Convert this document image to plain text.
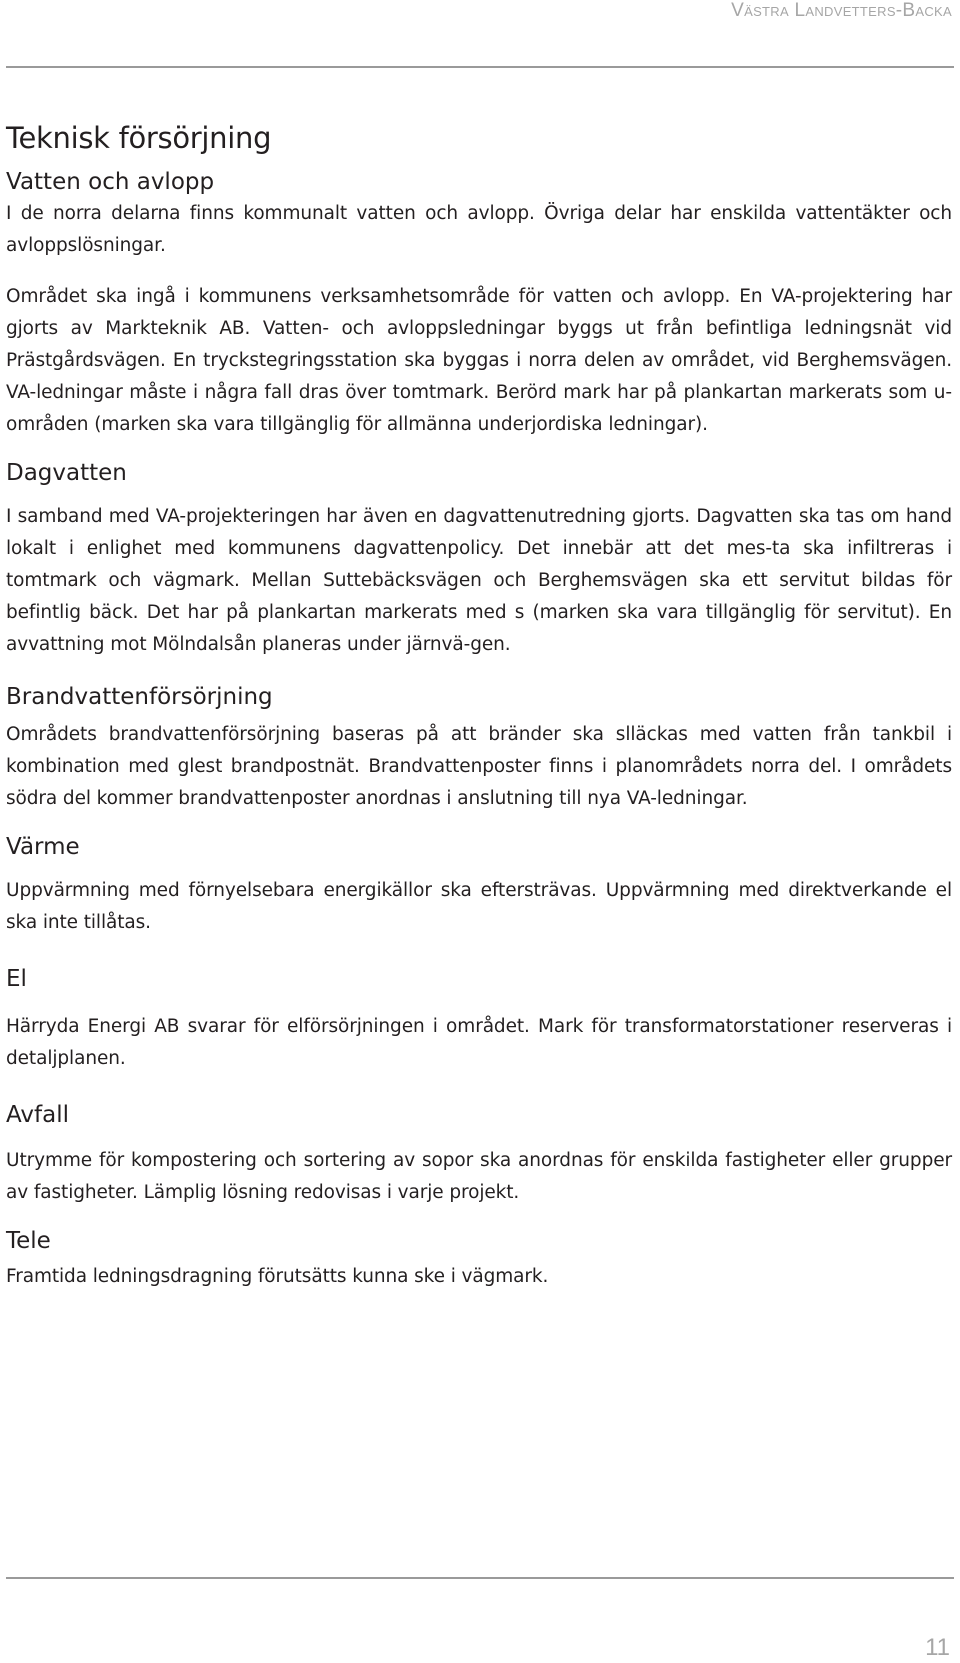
Västra Landvetters-Backa
Teknisk försörjning
Vatten och avlopp

I de norra delarna finns kommunalt vatten och avlopp. Övriga delar har enskilda vattentäkter och avloppslösningar.

Området ska ingå i kommunens verksamhetsområde för vatten och avlopp. En VA-projektering har gjorts av Markteknik AB. Vatten- och avloppsledningar byggs ut från befintliga ledningsnät vid Prästgårdsvägen. En tryckstegringsstation ska byggas i norra delen av området, vid Berghemsvägen. VA-ledningar måste i några fall dras över tomtmark. Berörd mark har på plankartan markerats som u-områden (marken ska vara tillgänglig för allmänna underjordiska ledningar).

Dagvatten

I samband med VA-projekteringen har även en dagvattenutredning gjorts. Dagvatten ska tas om hand lokalt i enlighet med kommunens dagvattenpolicy. Det innebär att det mes-ta ska infiltreras i tomtmark och vägmark. Mellan Suttebäcksvägen och Berghemsvägen ska ett servitut bildas för befintlig bäck. Det har på plankartan markerats med s (marken ska vara tillgänglig för servitut). En avvattning mot Mölndalsån planeras under järnvä-gen.

Brandvattenförsörjning

Områdets brandvattenförsörjning baseras på att bränder ska slläckas med vatten från tankbil i kombination med glest brandpostnät. Brandvattenposter finns i planområdets norra del. I områdets södra del kommer brandvattenposter anordnas i anslutning till nya VA-ledningar.

Värme

Uppvärmning med förnyelsebara energikällor ska eftersträvas. Uppvärmning med direktverkande el ska inte tillåtas.

El

Härryda Energi AB svarar för elförsörjningen i området. Mark för transformatorstationer reserveras i detaljplanen.

Avfall

Utrymme för kompostering och sortering av sopor ska anordnas för enskilda fastigheter eller grupper av fastigheter. Lämplig lösning redovisas i varje projekt.

Tele

Framtida ledningsdragning förutsätts kunna ske i vägmark.

11
